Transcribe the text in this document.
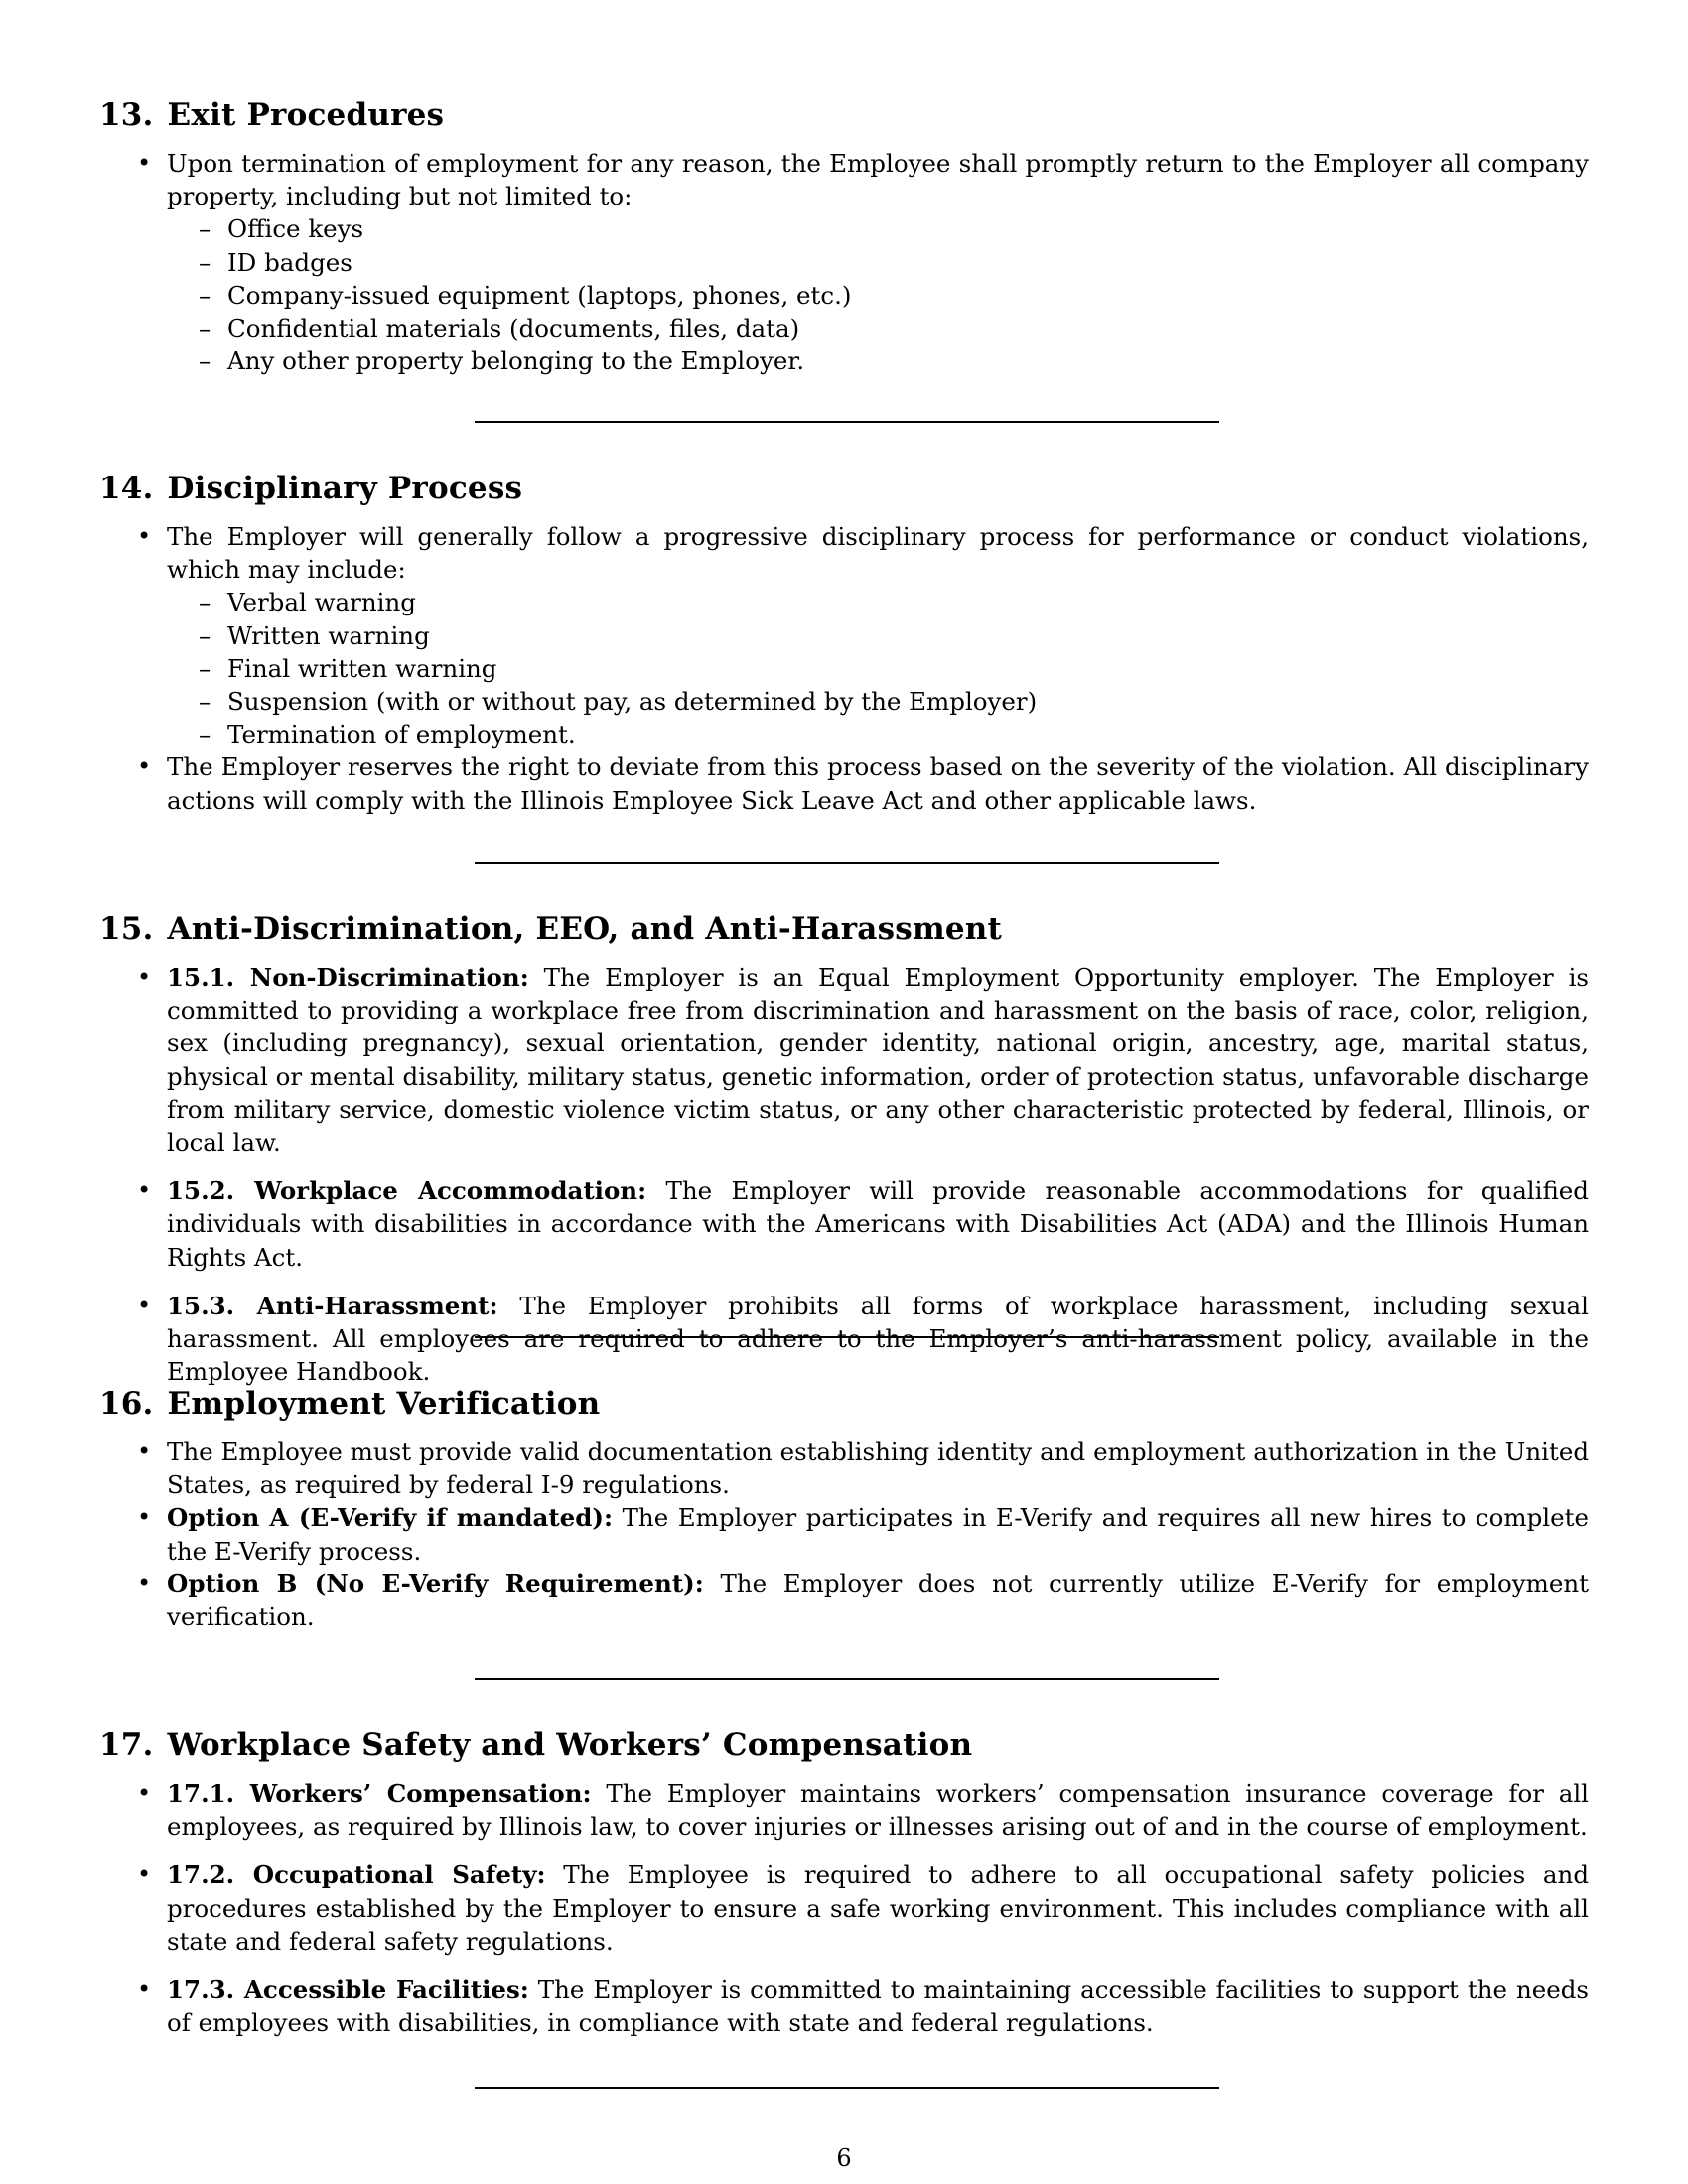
13. Exit Procedures
• Upon termination of employment for any reason, the Employee shall promptly return to the Employer all company property, including but not limited to:
– Office keys
– ID badges
– Company-issued equipment (laptops, phones, etc.)
– Confidential materials (documents, files, data)
– Any other property belonging to the Employer.
14. Disciplinary Process
• The Employer will generally follow a progressive disciplinary process for performance or conduct violations, which may include:
– Verbal warning
– Written warning
– Final written warning
– Suspension (with or without pay, as determined by the Employer)
– Termination of employment.
• The Employer reserves the right to deviate from this process based on the severity of the violation. All disciplinary actions will comply with the Illinois Employee Sick Leave Act and other applicable laws.
15. Anti-Discrimination, EEO, and Anti-Harassment
• 15.1. Non-Discrimination: The Employer is an Equal Employment Opportunity employer. The Employer is committed to providing a workplace free from discrimination and harassment on the basis of race, color, religion, sex (including pregnancy), sexual orientation, gender identity, national origin, ancestry, age, marital status, physical or mental disability, military status, genetic information, order of protection status, unfavorable discharge from military service, domestic violence victim status, or any other characteristic protected by federal, Illinois, or local law.
• 15.2. Workplace Accommodation: The Employer will provide reasonable accommodations for qualified individuals with disabilities in accordance with the Americans with Disabilities Act (ADA) and the Illinois Human Rights Act.
• 15.3. Anti-Harassment: The Employer prohibits all forms of workplace harassment, including sexual harassment. All employees are required to adhere to the Employer’s anti-harassment policy, available in the Employee Handbook.
16. Employment Verification
• The Employee must provide valid documentation establishing identity and employment authorization in the United States, as required by federal I-9 regulations.
• Option A (E-Verify if mandated): The Employer participates in E-Verify and requires all new hires to complete the E-Verify process.
• Option B (No E-Verify Requirement): The Employer does not currently utilize E-Verify for employment verification.
17. Workplace Safety and Workers’ Compensation
• 17.1. Workers’ Compensation: The Employer maintains workers’ compensation insurance coverage for all employees, as required by Illinois law, to cover injuries or illnesses arising out of and in the course of employment.
• 17.2. Occupational Safety: The Employee is required to adhere to all occupational safety policies and procedures established by the Employer to ensure a safe working environment. This includes compliance with all state and federal safety regulations.
• 17.3. Accessible Facilities: The Employer is committed to maintaining accessible facilities to support the needs of employees with disabilities, in compliance with state and federal regulations.
6
